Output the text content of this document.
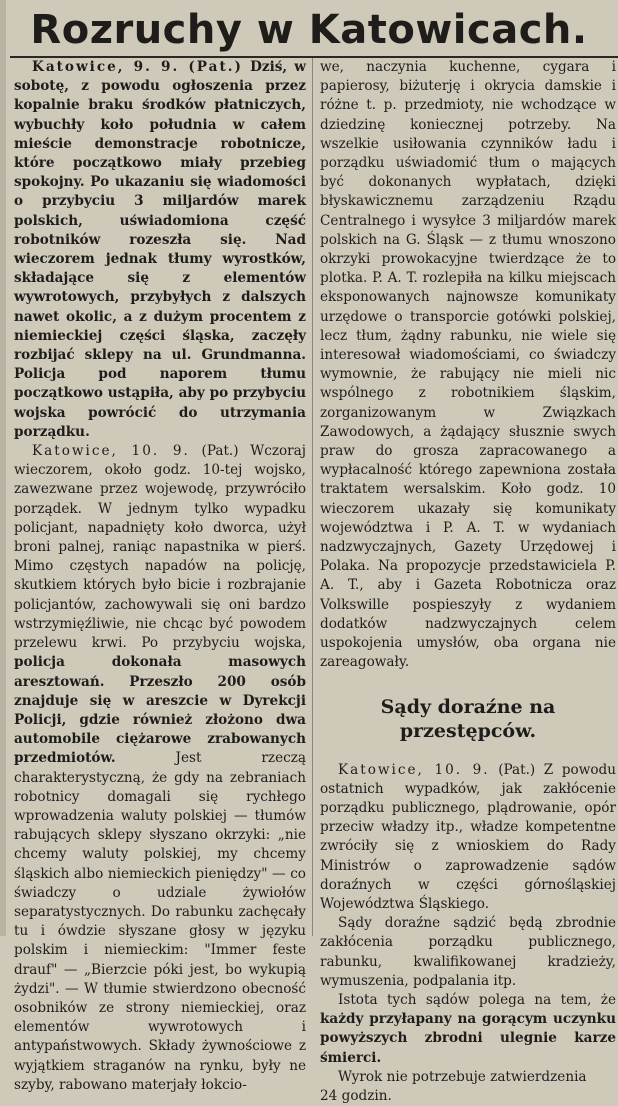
Rozruchy w Katowicach.

Katowice, 9. 9. (Pat.) Dziś, w sobotę, z powodu ogłoszenia przez kopalnie braku środków płatniczych, wybuchły koło południa w całem mieście demonstracje robotnicze, które początkowo miały przebieg spokojny. Po ukazaniu się wiadomości o przybyciu 3 miljardów marek polskich, uświadomiona część robotników rozeszła się. Nad wieczorem jednak tłumy wyrostków, składające się z elementów wywrotowych, przybyłych z dalszych nawet okolic, a z dużym procentem z niemieckiej części śląska, zaczęły rozbijać sklepy na ul. Grundmanna. Policja pod naporem tłumu początkowo ustąpiła, aby po przybyciu wojska powrócić do utrzymania porządku.

Katowice, 10. 9. (Pat.) Wczoraj wieczorem, około godz. 10-tej wojsko, zawezwane przez wojewodę, przywróciło porządek. W jednym tylko wypadku policjant, napadnięty koło dworca, użył broni palnej, raniąc napastnika w pierś. Mimo częstych napadów na policję, skutkiem których było bicie i rozbrajanie policjantów, zachowywali się oni bardzo wstrzymięźliwie, nie chcąc być powodem przelewu krwi. Po przybyciu wojska, policja dokonała masowych aresztowań. Przeszło 200 osób znajduje się w areszcie w Dyrekcji Policji, gdzie również złożono dwa automobile ciężarowe zrabowanych przedmiotów.	Jest rzeczą charakterystyczną, że gdy na zebraniach robotnicy domagali się rychłego wprowadzenia waluty polskiej — tłumów rabujących sklepy słyszano okrzyki: „nie chcemy waluty polskiej, my chcemy śląskich albo niemieckich pieniędzy" — co świadczy o udziale żywiołów separatystycznych. Do rabunku zachęcały tu i ówdzie słyszane głosy w języku polskim i niemieckim: "Immer feste drauf" — „Bierzcie póki jest, bo wykupią żydzi". — W tłumie stwierdzono obecność osobników ze strony niemieckiej, oraz elementów wywrotowych i antypaństwowych. Składy żywnościowe z wyjątkiem straganów na rynku, były ne szyby, rabowano materjały łokcio-

we, naczynia kuchenne, cygara i papierosy, biżuterję i okrycia damskie i różne t. p. przedmioty, nie wchodzące w dziedzinę koniecznej potrzeby. Na wszelkie usiłowania czynników ładu i porządku uświadomić tłum o mających być dokonanych wypłatach, dzięki błyskawicznemu zarządzeniu Rządu Centralnego i wysyłce 3 miljardów marek polskich na G. Śląsk — z tłumu wnoszono okrzyki prowokacyjne twierdzące że to plotka. P. A. T. rozlepiła na kilku miejscach eksponowanych najnowsze komunikaty urzędowe o transporcie gotówki polskiej, lecz tłum, żądny rabunku, nie wiele się interesował wiadomościami, co świadczy wymownie, że rabujący nie mieli nic wspólnego z robotnikiem śląskim, zorganizowanym w Związkach Zawodowych, a żądający słusznie swych praw do grosza zapracowanego a wypłacalność którego zapewniona została traktatem wersalskim. Koło godz. 10 wieczorem ukazały się komunikaty województwa i P. A. T. w wydaniach nadzwyczajnych, Gazety Urzędowej i Polaka. Na propozycje przedstawiciela P. A. T., aby i Gazeta Robotnicza oraz Volkswille pospieszyły z wydaniem dodatków nadzwyczajnych celem uspokojenia umysłów, oba organa nie zareagowały.

Sądy doraźne na przestępców.

Katowice, 10. 9. (Pat.) Z powodu ostatnich wypadków, jak zakłócenie porządku publicznego, plądrowanie, opór przeciw władzy itp., władze kompetentne zwróciły się z wnioskiem do Rady Ministrów o zaprowadzenie sądów doraźnych w części górnośląskiej Województwa Śląskiego.

Sądy doraźne sądzić będą zbrodnie zakłócenia porządku publicznego, rabunku, kwalifikowanej kradzieży, wymuszenia, podpalania itp.

Istota tych sądów polega na tem, że każdy przyłapany na gorącym uczynku powyższych zbrodni ulegnie karze śmierci.

Wyrok nie potrzebuje zatwierdzenia

24 godzin.
